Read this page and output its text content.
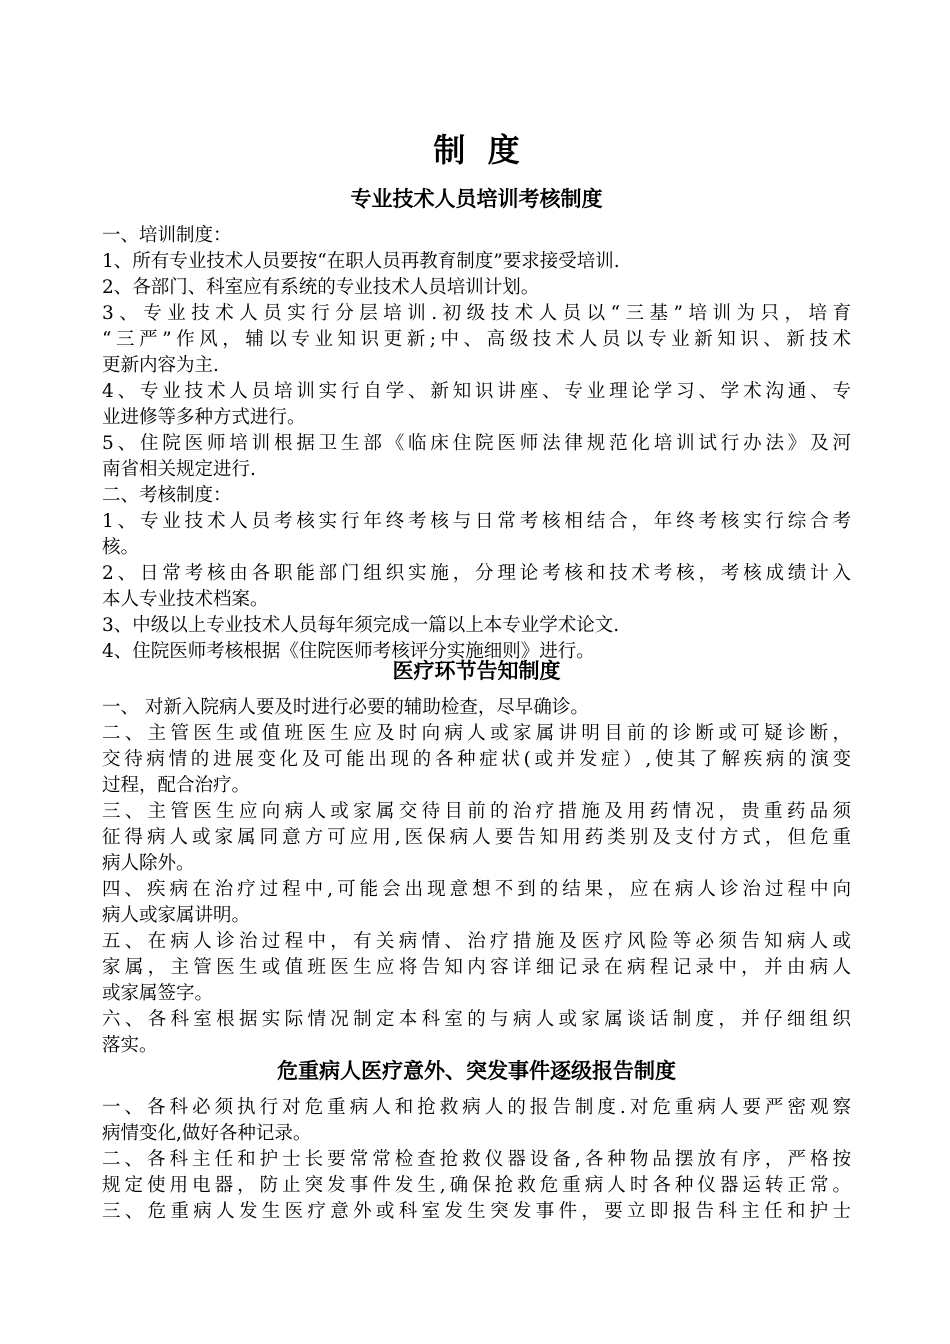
制  度
专业技术人员培训考核制度

一、培训制度：

1、所有专业技术人员要按“在职人员再教育制度”要求接受培训.

2、各部门、科室应有系统的专业技术人员培训计划。

3、专业技术人员实行分层培训.初级技术人员以“三基”培训为只，培育

“三严”作风，辅以专业知识更新;中、高级技术人员以专业新知识、新技术

更新内容为主.

4、专业技术人员培训实行自学、新知识讲座、专业理论学习、学术沟通、专

业进修等多种方式进行。

5、住院医师培训根据卫生部《临床住院医师法律规范化培训试行办法》及河

南省相关规定进行.

二、考核制度：

1、专业技术人员考核实行年终考核与日常考核相结合，年终考核实行综合考

核。

2、日常考核由各职能部门组织实施，分理论考核和技术考核，考核成绩计入

本人专业技术档案。

3、中级以上专业技术人员每年须完成一篇以上本专业学术论文.

4、住院医师考核根据《住院医师考核评分实施细则》进行。

医疗环节告知制度

一、 对新入院病人要及时进行必要的辅助检查，尽早确诊。

二、主管医生或值班医生应及时向病人或家属讲明目前的诊断或可疑诊断，

交待病情的进展变化及可能出现的各种症状(或并发症）,使其了解疾病的演变

过程，配合治疗。

三、主管医生应向病人或家属交待目前的治疗措施及用药情况，贵重药品须

征得病人或家属同意方可应用,医保病人要告知用药类别及支付方式，但危重

病人除外。

四、疾病在治疗过程中,可能会出现意想不到的结果，应在病人诊治过程中向

病人或家属讲明。

五、在病人诊治过程中，有关病情、治疗措施及医疗风险等必须告知病人或

家属，主管医生或值班医生应将告知内容详细记录在病程记录中，并由病人

或家属签字。

六、各科室根据实际情况制定本科室的与病人或家属谈话制度，并仔细组织

落实。

危重病人医疗意外、突发事件逐级报告制度

一、各科必须执行对危重病人和抢救病人的报告制度.对危重病人要严密观察

病情变化,做好各种记录。

二、各科主任和护士长要常常检查抢救仪器设备,各种物品摆放有序，严格按

规定使用电器，防止突发事件发生,确保抢救危重病人时各种仪器运转正常。

三、危重病人发生医疗意外或科室发生突发事件，要立即报告科主任和护士
